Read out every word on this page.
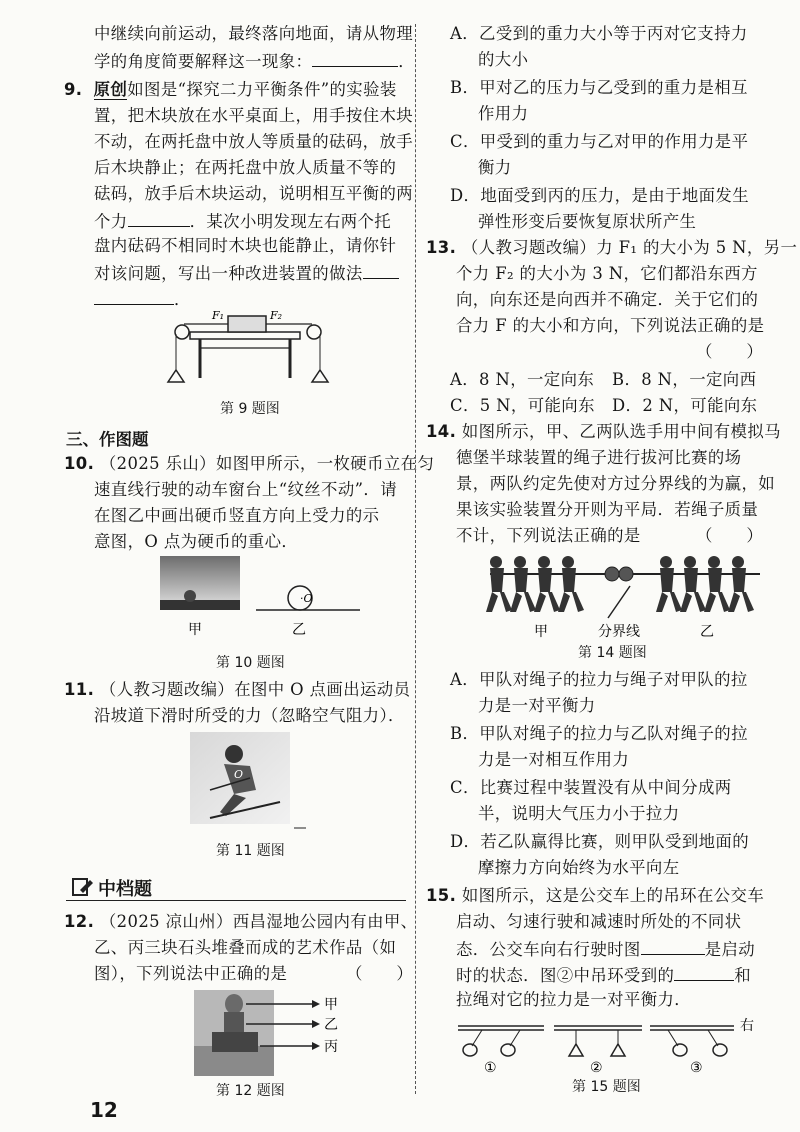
中继续向前运动，最终落向地面，请从物理
学的角度简要解释这一现象：	．
9. 原创如图是“探究二力平衡条件”的实验装
置，把木块放在水平桌面上，用手按住木块
不动，在两托盘中放人等质量的砝码，放手
后木块静止；在两托盘中放人质量不等的
砝码，放手后木块运动，说明相互平衡的两
个力	．某次小明发现左右两个托
盘内砝码不相同时木块也能静止，请你针
对该问题，写出一种改进装置的做法
．
F₁	F₂
第 9 题图
三、作图题
10. （2025 乐山）如图甲所示，一枚硬币立在匀
速直线行驶的动车窗台上“纹丝不动”．请
在图乙中画出硬币竖直方向上受力的示
意图，O 点为硬币的重心．
·O
甲	乙
第 10 题图
11. （人教习题改编）在图中 O 点画出运动员
沿坡道下滑时所受的力（忽略空气阻力）．
O
第 11 题图
中档题
12. （2025 凉山州）西昌湿地公园内有由甲、
乙、丙三块石头堆叠而成的艺术作品（如
图），下列说法中正确的是	（　　）
甲
乙
丙
第 12 题图
A．乙受到的重力大小等于丙对它支持力
的大小
B．甲对乙的压力与乙受到的重力是相互
作用力
C．甲受到的重力与乙对甲的作用力是平
衡力
D．地面受到丙的压力，是由于地面发生
弹性形变后要恢复原状所产生
13. （人教习题改编）力 F₁ 的大小为 5 N，另一
个力 F₂ 的大小为 3 N，它们都沿东西方
向，向东还是向西并不确定．关于它们的
合力 F 的大小和方向，下列说法正确的是
（　　）
A．8 N，一定向东 B．8 N，一定向西
C．5 N，可能向东 D．2 N，可能向东
14. 如图所示，甲、乙两队选手用中间有模拟马
德堡半球装置的绳子进行拔河比赛的场
景，两队约定先使对方过分界线的为赢，如
果该实验装置分开则为平局．若绳子质量
不计，下列说法正确的是	（　　）
甲	分界线	乙
第 14 题图
A．甲队对绳子的拉力与绳子对甲队的拉
力是一对平衡力
B．甲队对绳子的拉力与乙队对绳子的拉
力是一对相互作用力
C．比赛过程中装置没有从中间分成两
半，说明大气压力小于拉力
D．若乙队赢得比赛，则甲队受到地面的
摩擦力方向始终为水平向左
15. 如图所示，这是公交车上的吊环在公交车
启动、匀速行驶和减速时所处的不同状
态．公交车向右行驶时图	是启动
时的状态．图②中吊环受到的	和
拉绳对它的拉力是一对平衡力．
右
①	②	③
第 15 题图
12
